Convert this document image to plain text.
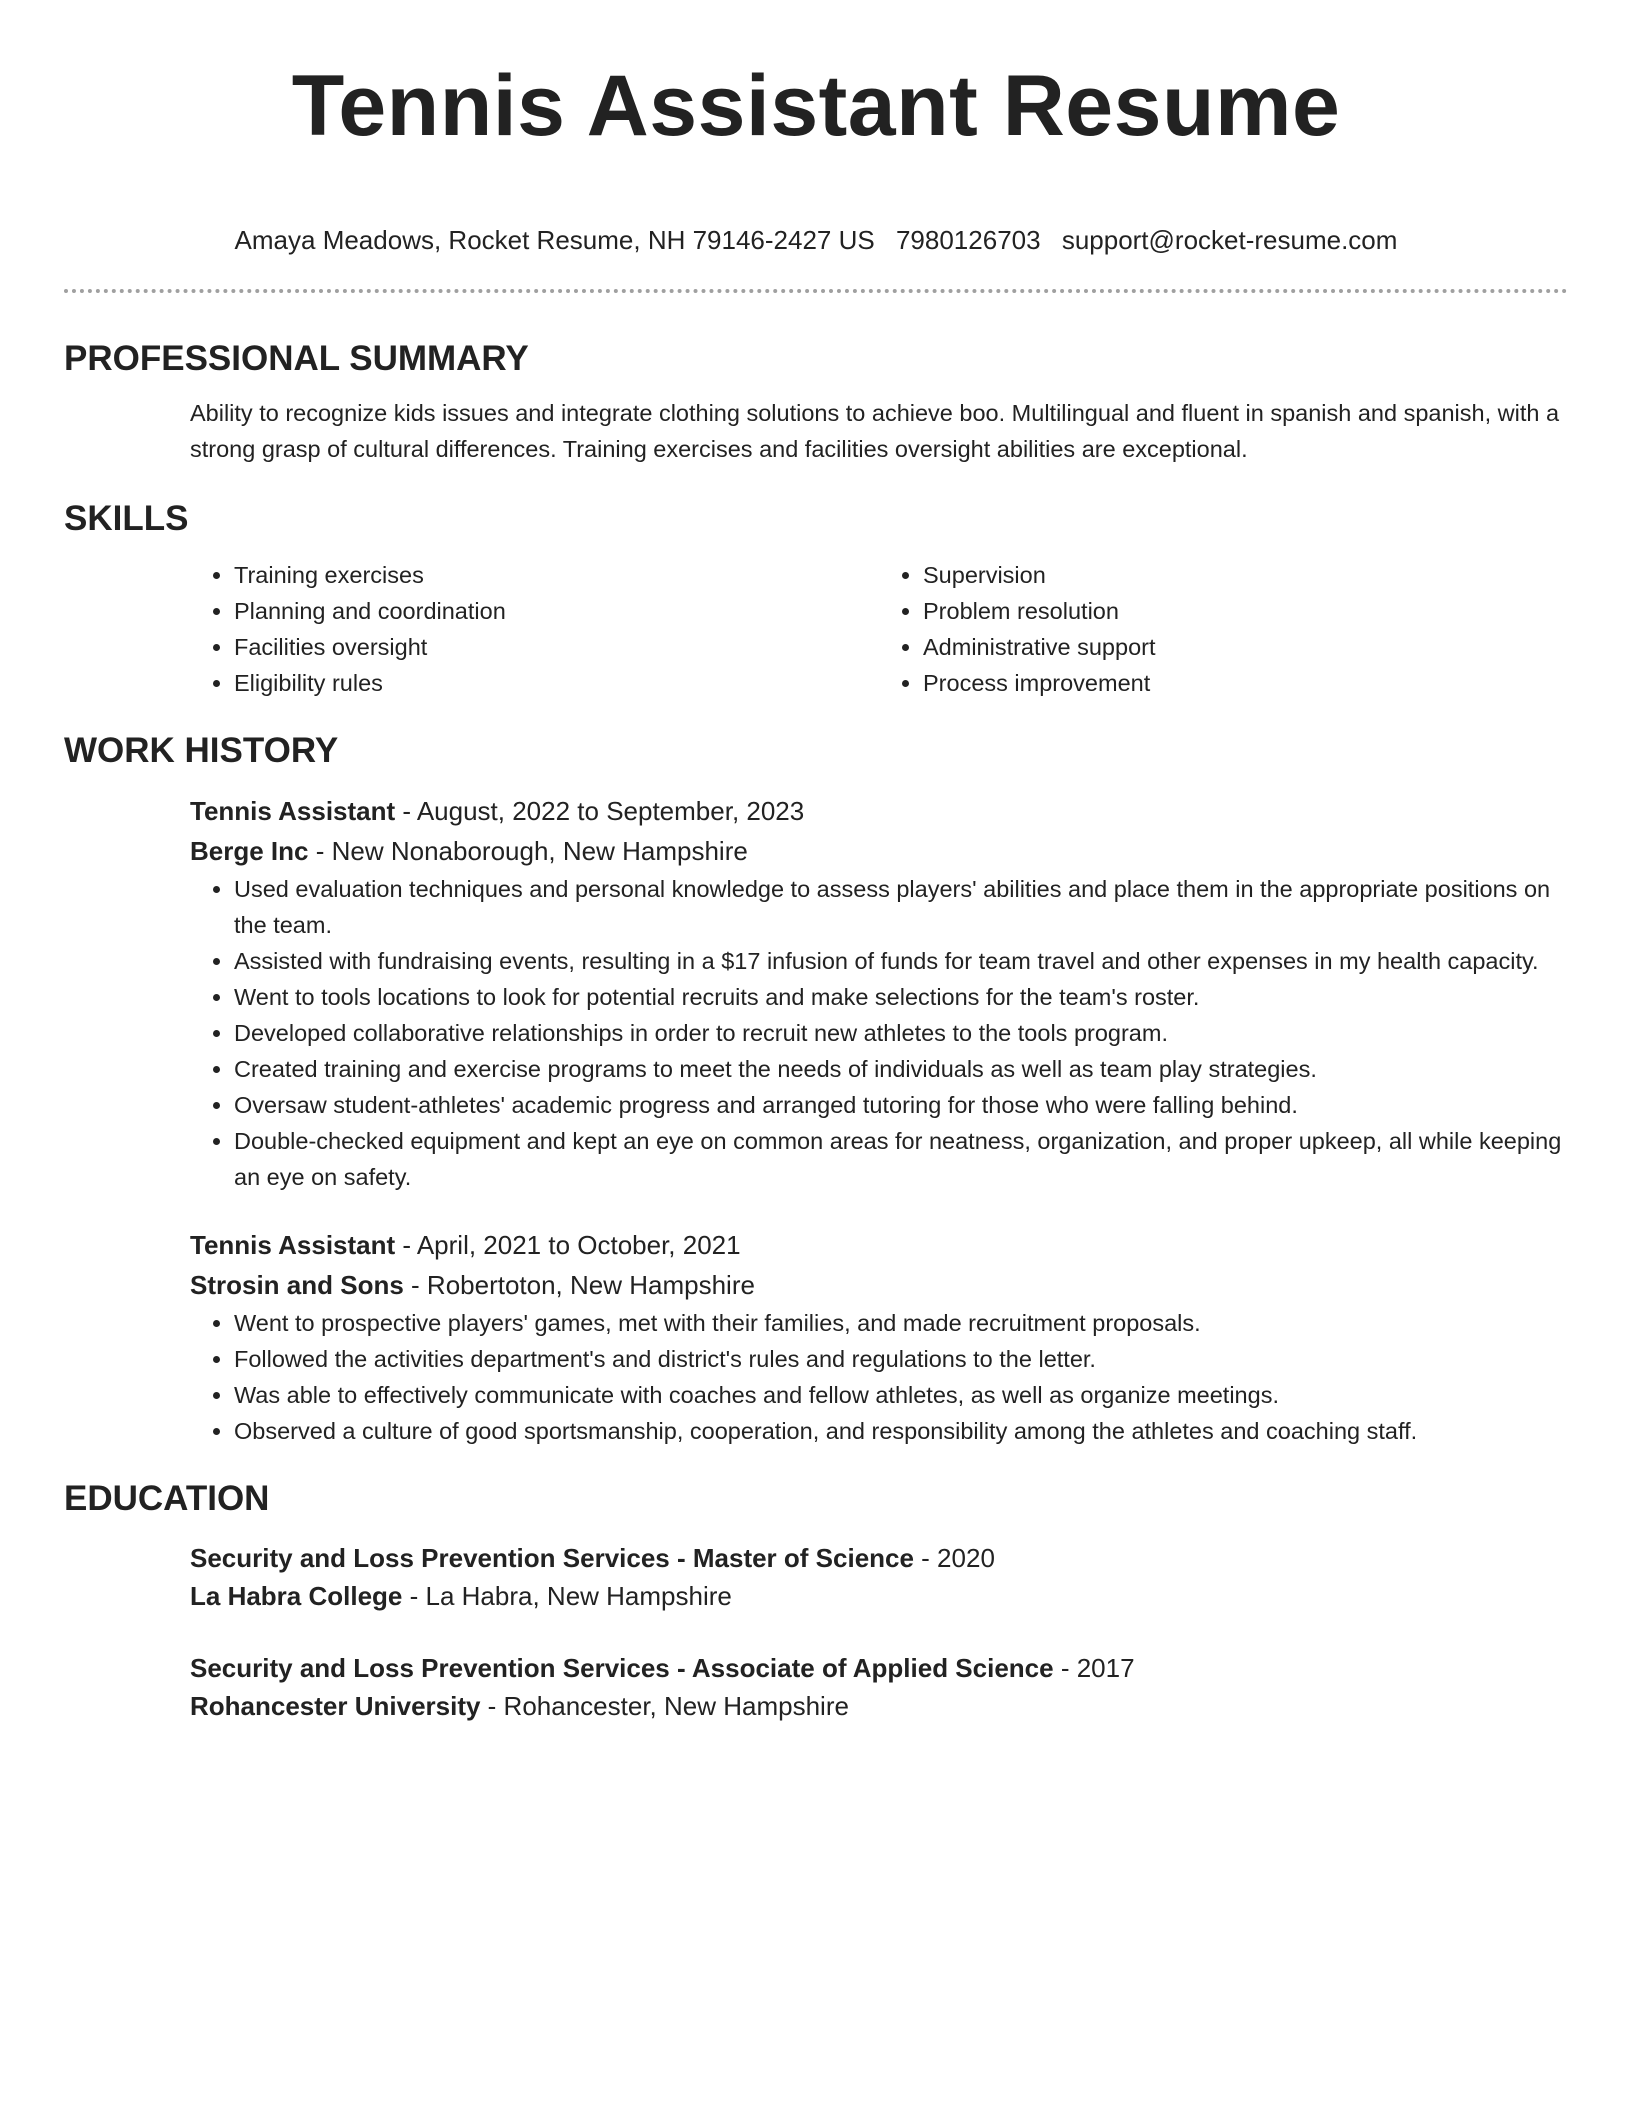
Tennis Assistant Resume
Amaya Meadows, Rocket Resume, NH 79146-2427 US 7980126703 support@rocket-resume.com
PROFESSIONAL SUMMARY

Ability to recognize kids issues and integrate clothing solutions to achieve boo. Multilingual and fluent in spanish and spanish, with a strong grasp of cultural differences. Training exercises and facilities oversight abilities are exceptional.

SKILLS
• Training exercises
• Planning and coordination
• Facilities oversight
• Eligibility rules
• Supervision
• Problem resolution
• Administrative support
• Process improvement
WORK HISTORY
Tennis Assistant - August, 2022 to September, 2023
Berge Inc - New Nonaborough, New Hampshire
• Used evaluation techniques and personal knowledge to assess players' abilities and place them in the appropriate positions on the team.
• Assisted with fundraising events, resulting in a $17 infusion of funds for team travel and other expenses in my health capacity.
• Went to tools locations to look for potential recruits and make selections for the team's roster.
• Developed collaborative relationships in order to recruit new athletes to the tools program.
• Created training and exercise programs to meet the needs of individuals as well as team play strategies.
• Oversaw student-athletes' academic progress and arranged tutoring for those who were falling behind.
• Double-checked equipment and kept an eye on common areas for neatness, organization, and proper upkeep, all while keeping an eye on safety.
Tennis Assistant - April, 2021 to October, 2021
Strosin and Sons - Robertoton, New Hampshire
• Went to prospective players' games, met with their families, and made recruitment proposals.
• Followed the activities department's and district's rules and regulations to the letter.
• Was able to effectively communicate with coaches and fellow athletes, as well as organize meetings.
• Observed a culture of good sportsmanship, cooperation, and responsibility among the athletes and coaching staff.
EDUCATION
Security and Loss Prevention Services - Master of Science - 2020
La Habra College - La Habra, New Hampshire
Security and Loss Prevention Services - Associate of Applied Science - 2017
Rohancester University - Rohancester, New Hampshire
